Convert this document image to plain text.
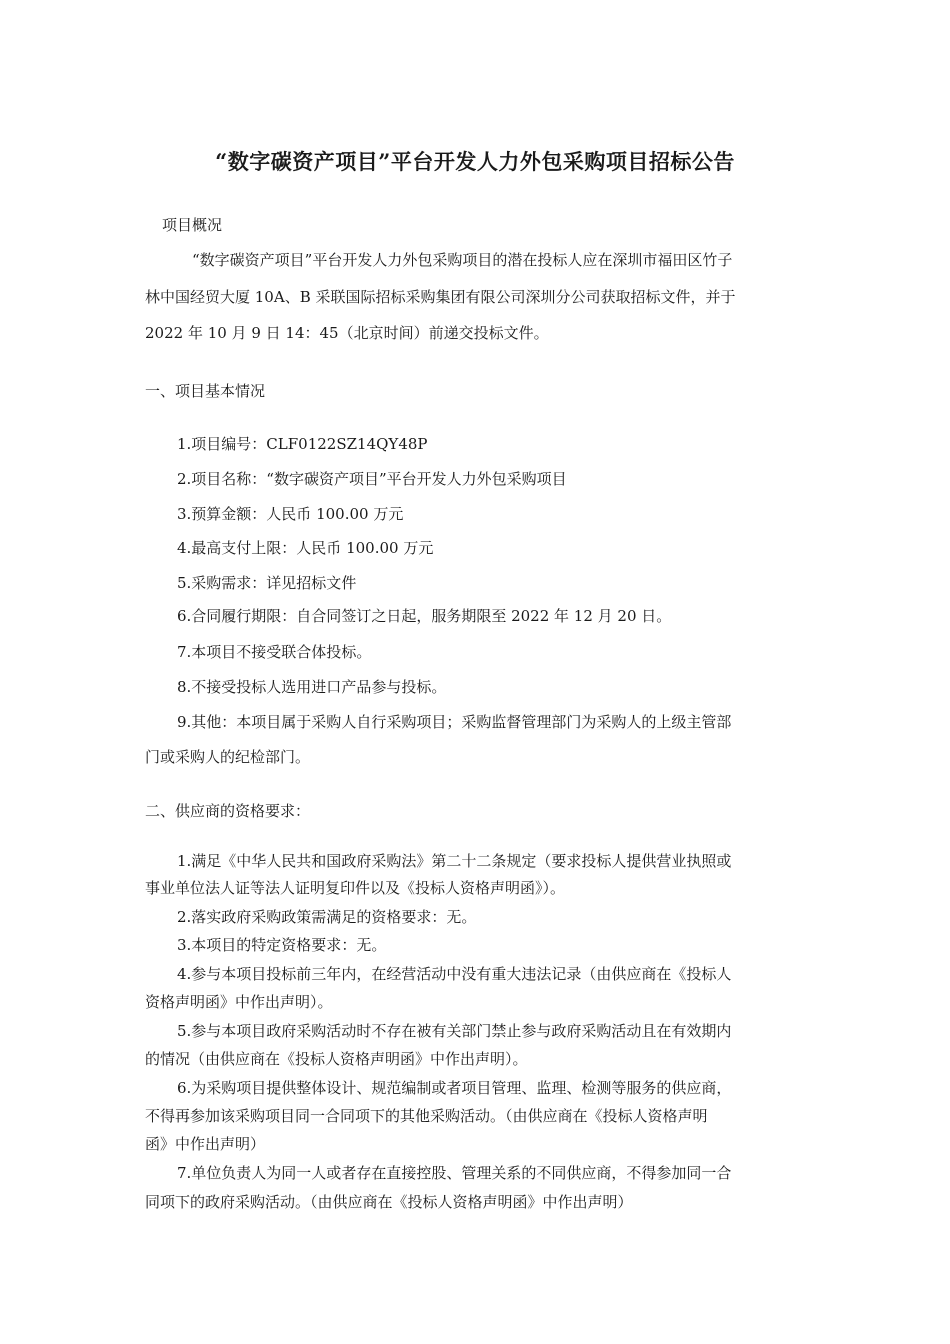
“数字碳资产项目”平台开发人力外包采购项目招标公告
项目概况
“数字碳资产项目”平台开发人力外包采购项目的潜在投标人应在深圳市福田区竹子
林中国经贸大厦 10A、B 采联国际招标采购集团有限公司深圳分公司获取招标文件，并于
2022 年 10 月 9 日 14：45（北京时间）前递交投标文件。
一、项目基本情况
1.项目编号：CLF0122SZ14QY48P
2.项目名称：“数字碳资产项目”平台开发人力外包采购项目
3.预算金额：人民币 100.00 万元
4.最高支付上限：人民币 100.00 万元
5.采购需求：详见招标文件
6.合同履行期限：自合同签订之日起，服务期限至 2022 年 12 月 20 日。
7.本项目不接受联合体投标。
8.不接受投标人选用进口产品参与投标。
9.其他：本项目属于采购人自行采购项目；采购监督管理部门为采购人的上级主管部
门或采购人的纪检部门。
二、供应商的资格要求：
1.满足《中华人民共和国政府采购法》第二十二条规定（要求投标人提供营业执照或
事业单位法人证等法人证明复印件以及《投标人资格声明函》）。
2.落实政府采购政策需满足的资格要求：无。
3.本项目的特定资格要求：无。
4.参与本项目投标前三年内，在经营活动中没有重大违法记录（由供应商在《投标人
资格声明函》中作出声明）。
5.参与本项目政府采购活动时不存在被有关部门禁止参与政府采购活动且在有效期内
的情况（由供应商在《投标人资格声明函》中作出声明）。
6.为采购项目提供整体设计、规范编制或者项目管理、监理、检测等服务的供应商，
不得再参加该采购项目同一合同项下的其他采购活动。（由供应商在《投标人资格声明
函》中作出声明）
7.单位负责人为同一人或者存在直接控股、管理关系的不同供应商，不得参加同一合
同项下的政府采购活动。（由供应商在《投标人资格声明函》中作出声明）
